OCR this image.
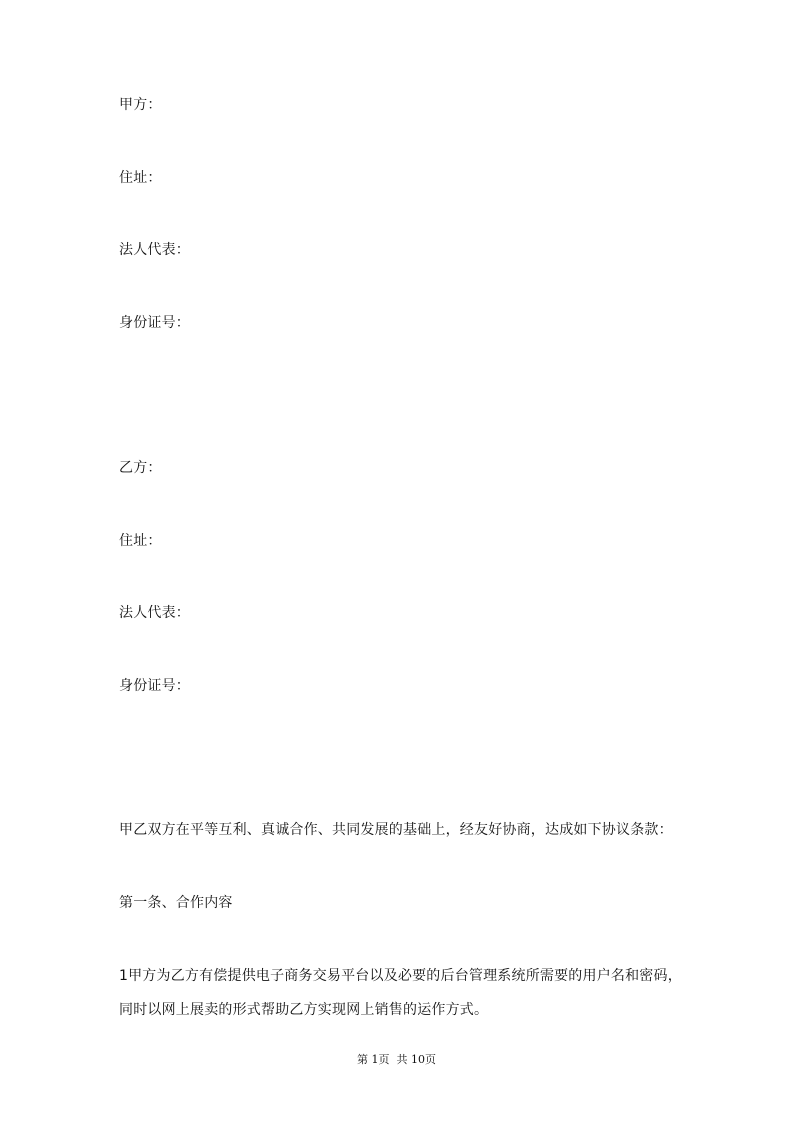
甲方：
住址：
法人代表：
身份证号：
乙方：
住址：
法人代表：
身份证号：
甲乙双方在平等互利、真诚合作、共同发展的基础上，经友好协商，达成如下协议条款：
第一条、合作内容
1甲方为乙方有偿提供电子商务交易平台以及必要的后台管理系统所需要的用户名和密码，
同时以网上展卖的形式帮助乙方实现网上销售的运作方式。
第 1页  共 10页
